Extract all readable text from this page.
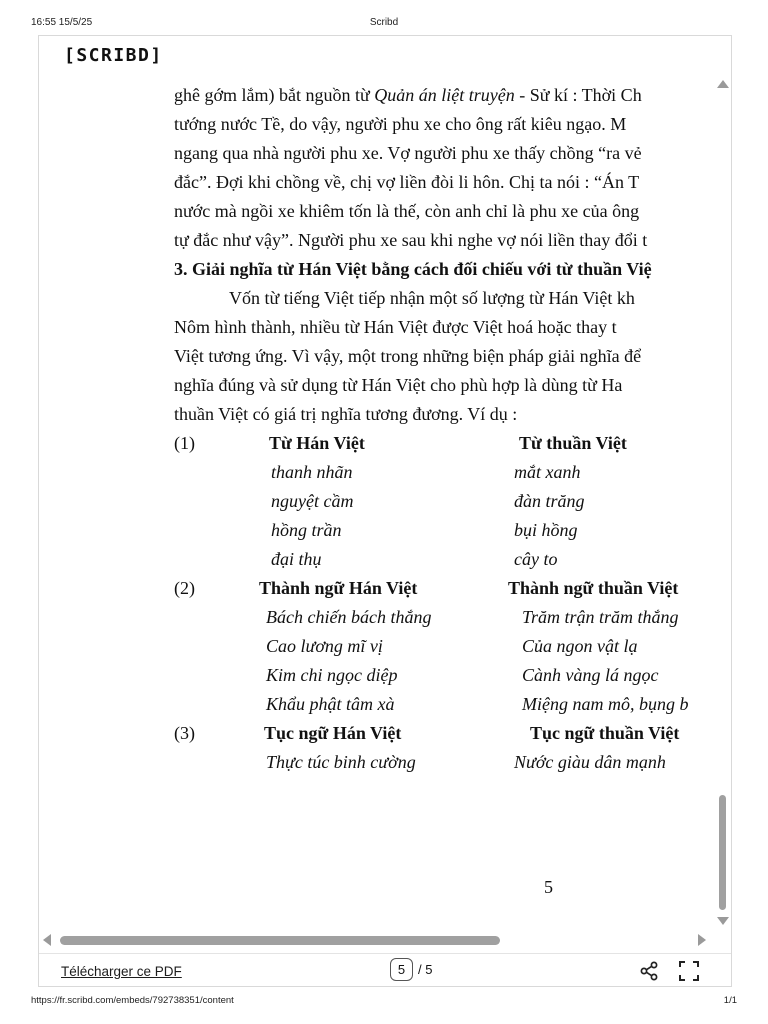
16:55 15/5/25	Scribd
[SCRIBD]
ghê gớm lắm) bắt nguồn từ Quản án liệt truyện - Sử kí : Thời Ch
tướng nước Tề, do vậy, người phu xe cho ông rất kiêu ngạo. M
ngang qua nhà người phu xe. Vợ người phu xe thấy chồng “ra vẻ
đắc”. Đợi khi chồng về, chị vợ liền đòi li hôn. Chị ta nói : “Án T
nước mà ngồi xe khiêm tốn là thế, còn anh chỉ là phu xe của ông
tự đắc như vậy”. Người phu xe sau khi nghe vợ nói liền thay đổi t
3. Giải nghĩa từ Hán Việt bằng cách đối chiếu với từ thuần Việ
Vốn từ tiếng Việt tiếp nhận một số lượng từ Hán Việt kh
Nôm hình thành, nhiều từ Hán Việt được Việt hoá hoặc thay t
Việt tương ứng. Vì vậy, một trong những biện pháp giải nghĩa để
nghĩa đúng và sử dụng từ Hán Việt cho phù hợp là dùng từ Ha
thuần Việt có giá trị nghĩa tương đương. Ví dụ :
(1)	Từ Hán Việt	Từ thuần Việt
thanh nhãn	mắt xanh
nguyệt cầm	đàn trăng
hồng trần	bụi hồng
đại thụ	cây to
(2)	Thành ngữ Hán Việt	Thành ngữ thuần Việt
Bách chiến bách thắng	Trăm trận trăm thắng
Cao lương mĩ vị	Của ngon vật lạ
Kim chi ngọc diệp	Cành vàng lá ngọc
Khẩu phật tâm xà	Miệng nam mô, bụng b
(3)	Tục ngữ Hán Việt	Tục ngữ thuần Việt
Thực túc binh cường	Nước giàu dân mạnh
5
Télécharger ce PDF	5 / 5
https://fr.scribd.com/embeds/792738351/content	1/1
